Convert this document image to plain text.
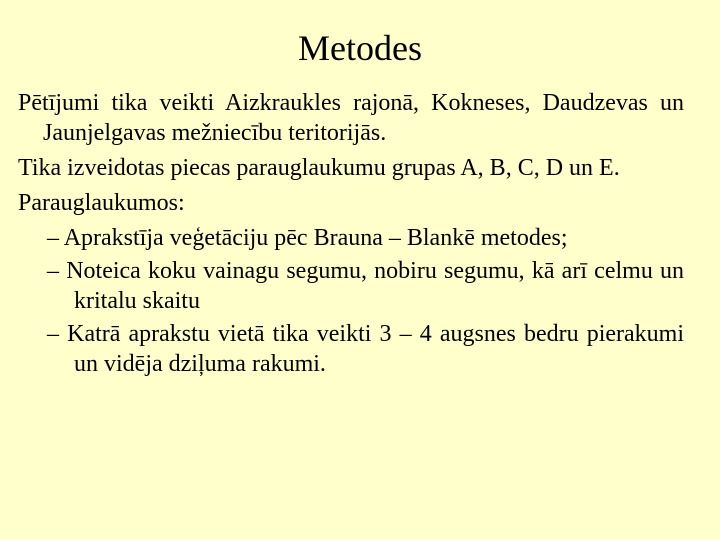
Metodes
Pētījumi tika veikti Aizkraukles rajonā, Kokneses, Daudzevas un Jaunjelgavas mežniecību teritorijās.
Tika izveidotas piecas parauglaukumu grupas A, B, C, D un E.
Parauglaukumos:
– Aprakstīja veģetāciju pēc Brauna – Blankē metodes;
– Noteica koku vainagu segumu, nobiru segumu, kā arī celmu un kritalu skaitu
– Katrā aprakstu vietā tika veikti 3 – 4 augsnes bedru pierakumi un vidēja dziļuma rakumi.
